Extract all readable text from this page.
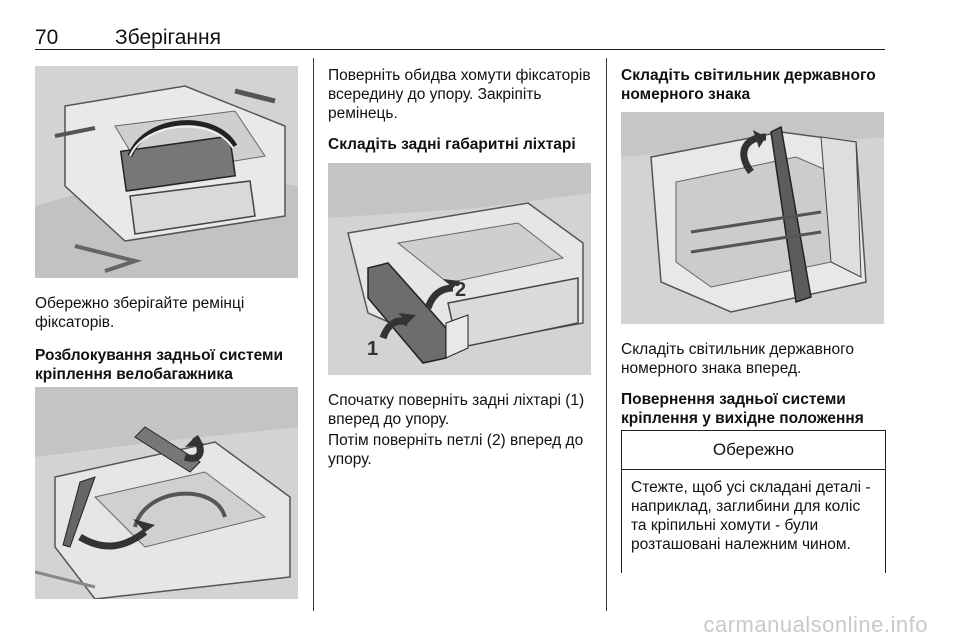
70	Зберігання

Обережно зберігайте ремінці фіксаторів.

Розблокування задньої системи кріплення велобагажника

Поверніть обидва хомути фіксаторів всередину до упору. Закріпіть ремінець.

Складіть задні габаритні ліхтарі

1
2

Спочатку поверніть задні ліхтарі (1) вперед до упору.

Потім поверніть петлі (2) вперед до упору.

Складіть світильник державного номерного знака

Складіть світильник державного номерного знака вперед.

Повернення задньої системи кріплення у вихідне положення

Обережно
Стежте, щоб усі складані деталі - наприклад, заглибини для коліс та кріпильні хомути - були розташовані належним чином.
carmanualsonline.info
